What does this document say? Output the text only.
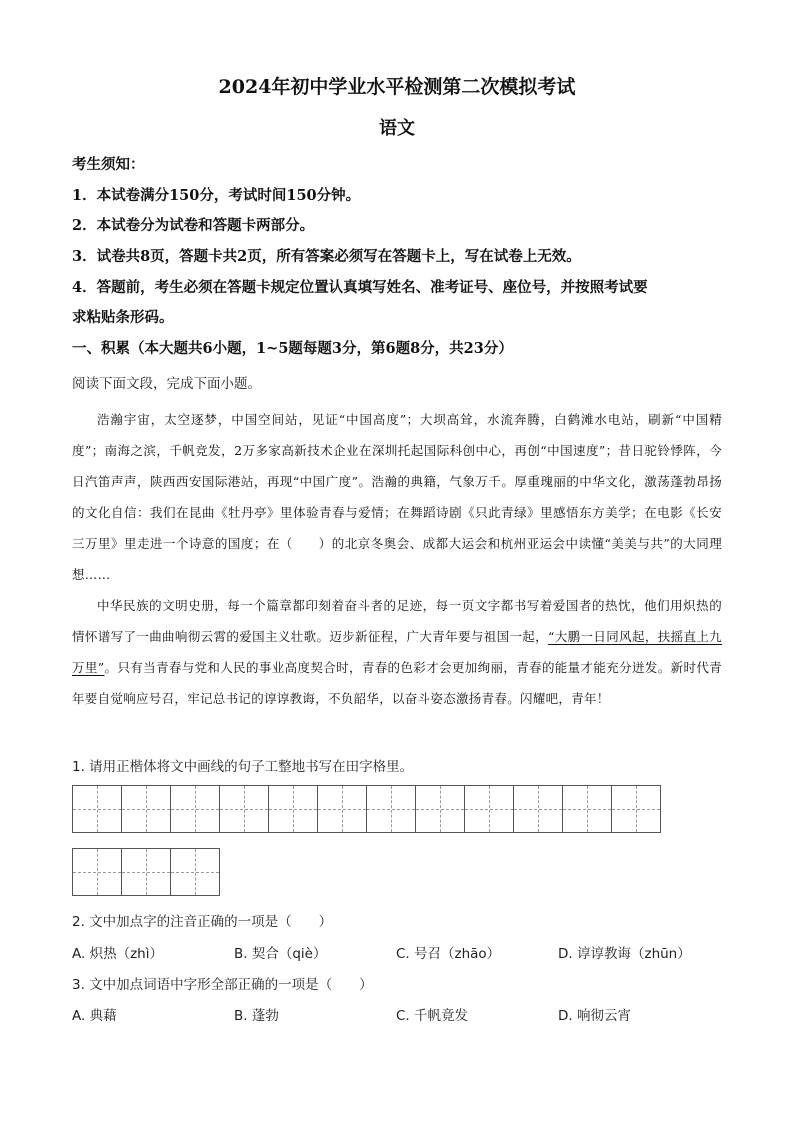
2024年初中学业水平检测第二次模拟考试
语文
考生须知：
1．本试卷满分150分，考试时间150分钟。
2．本试卷分为试卷和答题卡两部分。
3．试卷共8页，答题卡共2页，所有答案必须写在答题卡上，写在试卷上无效。
4．答题前，考生必须在答题卡规定位置认真填写姓名、准考证号、座位号，并按照考试要
求粘贴条形码。
一、积累（本大题共6小题，1~5题每题3分，第6题8分，共23分）
阅读下面文段，完成下面小题。

浩瀚宇宙，太空逐梦，中国空间站，见证“中国高度”；大坝高耸，水流奔腾，白鹤滩水电站，刷新“中国精度”；南海之滨，千帆竞发，2万多家高新技术企业在深圳托起国际科创中心，再创“中国速度”；昔日驼铃悸阵，今日汽笛声声，陕西西安国际港站，再现“中国广度”。浩瀚的典籍，气象万千。厚重瑰丽的中华文化，激荡蓬勃昂扬的文化自信：我们在昆曲《牡丹亭》里体验青春与爱情；在舞蹈诗剧《只此青绿》里感悟东方美学；在电影《长安三万里》里走进一个诗意的国度；在（　　）的北京冬奥会、成都大运会和杭州亚运会中读懂“美美与共”的大同理想……

中华民族的文明史册，每一个篇章都印刻着奋斗者的足迹，每一页文字都书写着爱国者的热忱，他们用炽热的情怀谱写了一曲曲响彻云霄的爱国主义壮歌。迈步新征程，广大青年要与祖国一起，“大鹏一日同风起，扶摇直上九万里”。只有当青春与党和人民的事业高度契合时，青春的色彩才会更加绚丽，青春的能量才能充分迸发。新时代青年要自觉响应号召，牢记总书记的谆谆教诲，不负韶华，以奋斗姿态激扬青春。闪耀吧，青年！

1. 请用正楷体将文中画线的句子工整地书写在田字格里。
2. 文中加点字的注音正确的一项是（　　）
A. 炽热（zhì）	B. 契合（qiè）	C. 号召（zhāo）	D. 谆谆教诲（zhūn）
3. 文中加点词语中字形全部正确的一项是（　　）
A. 典藉	B. 蓬勃	C. 千帆竟发	D. 响彻云宵
